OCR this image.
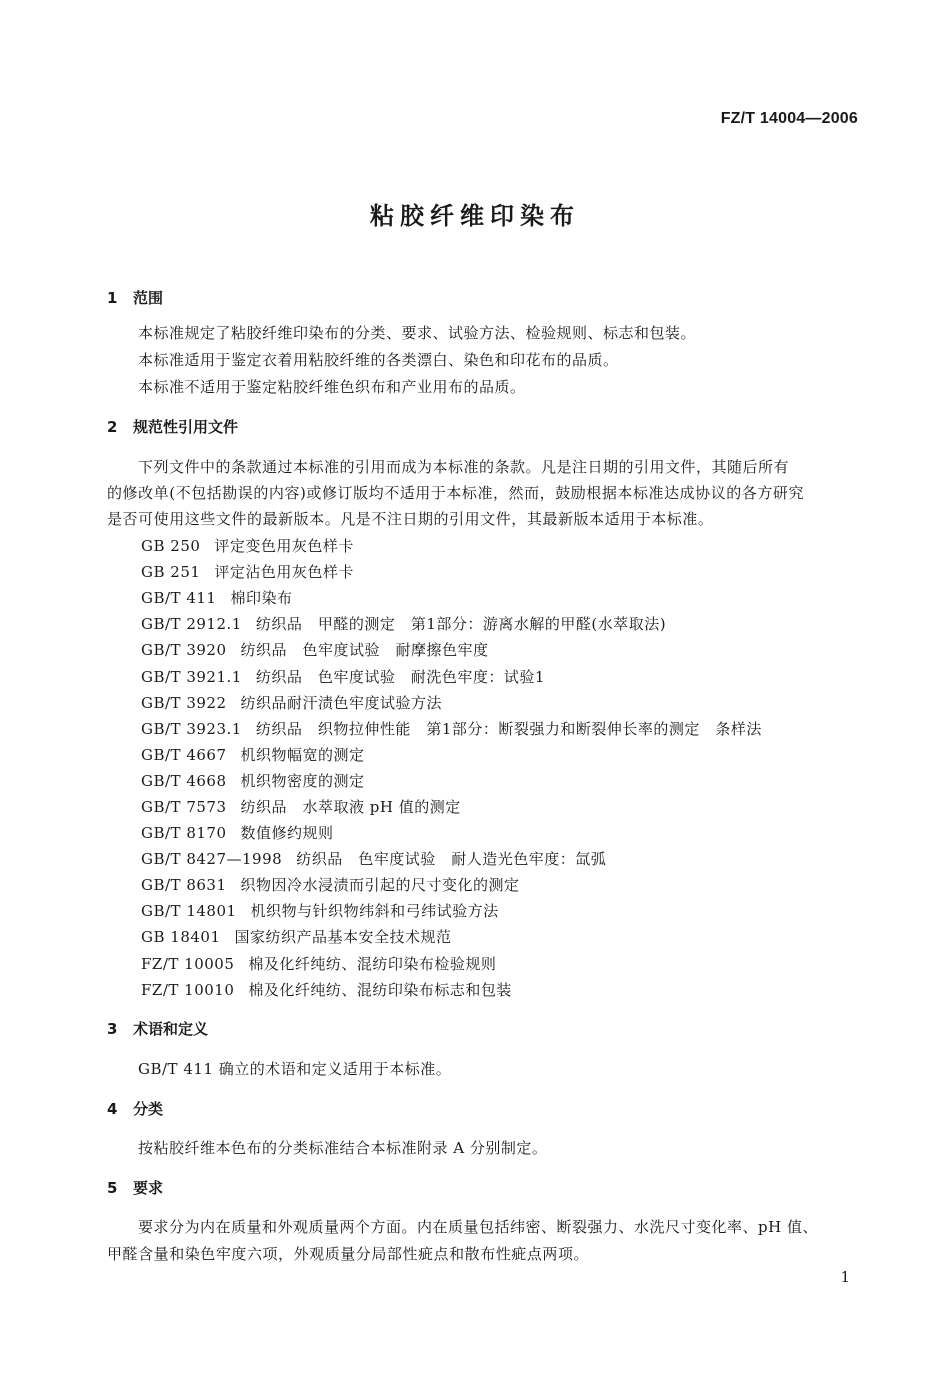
FZ/T 14004—2006
粘胶纤维印染布
1 范围
本标准规定了粘胶纤维印染布的分类、要求、试验方法、检验规则、标志和包装。
本标准适用于鉴定衣着用粘胶纤维的各类漂白、染色和印花布的品质。
本标准不适用于鉴定粘胶纤维色织布和产业用布的品质。
2 规范性引用文件
下列文件中的条款通过本标准的引用而成为本标准的条款。凡是注日期的引用文件，其随后所有
的修改单(不包括勘误的内容)或修订版均不适用于本标准，然而，鼓励根据本标准达成协议的各方研究
是否可使用这些文件的最新版本。凡是不注日期的引用文件，其最新版本适用于本标准。
GB 250 评定变色用灰色样卡
GB 251 评定沾色用灰色样卡
GB/T 411 棉印染布
GB/T 2912.1 纺织品　甲醛的测定　第1部分：游离水解的甲醛(水萃取法)
GB/T 3920 纺织品　色牢度试验　耐摩擦色牢度
GB/T 3921.1 纺织品　色牢度试验　耐洗色牢度：试验1
GB/T 3922 纺织品耐汗渍色牢度试验方法
GB/T 3923.1 纺织品　织物拉伸性能　第1部分：断裂强力和断裂伸长率的测定　条样法
GB/T 4667 机织物幅宽的测定
GB/T 4668 机织物密度的测定
GB/T 7573 纺织品　水萃取液 pH 值的测定
GB/T 8170 数值修约规则
GB/T 8427—1998 纺织品　色牢度试验　耐人造光色牢度：氙弧
GB/T 8631 织物因冷水浸渍而引起的尺寸变化的测定
GB/T 14801 机织物与针织物纬斜和弓纬试验方法
GB 18401 国家纺织产品基本安全技术规范
FZ/T 10005 棉及化纤纯纺、混纺印染布检验规则
FZ/T 10010 棉及化纤纯纺、混纺印染布标志和包装
3 术语和定义
GB/T 411 确立的术语和定义适用于本标准。
4 分类
按粘胶纤维本色布的分类标准结合本标准附录 A 分别制定。
5 要求
要求分为内在质量和外观质量两个方面。内在质量包括纬密、断裂强力、水洗尺寸变化率、pH 值、
甲醛含量和染色牢度六项，外观质量分局部性疵点和散布性疵点两项。
1
